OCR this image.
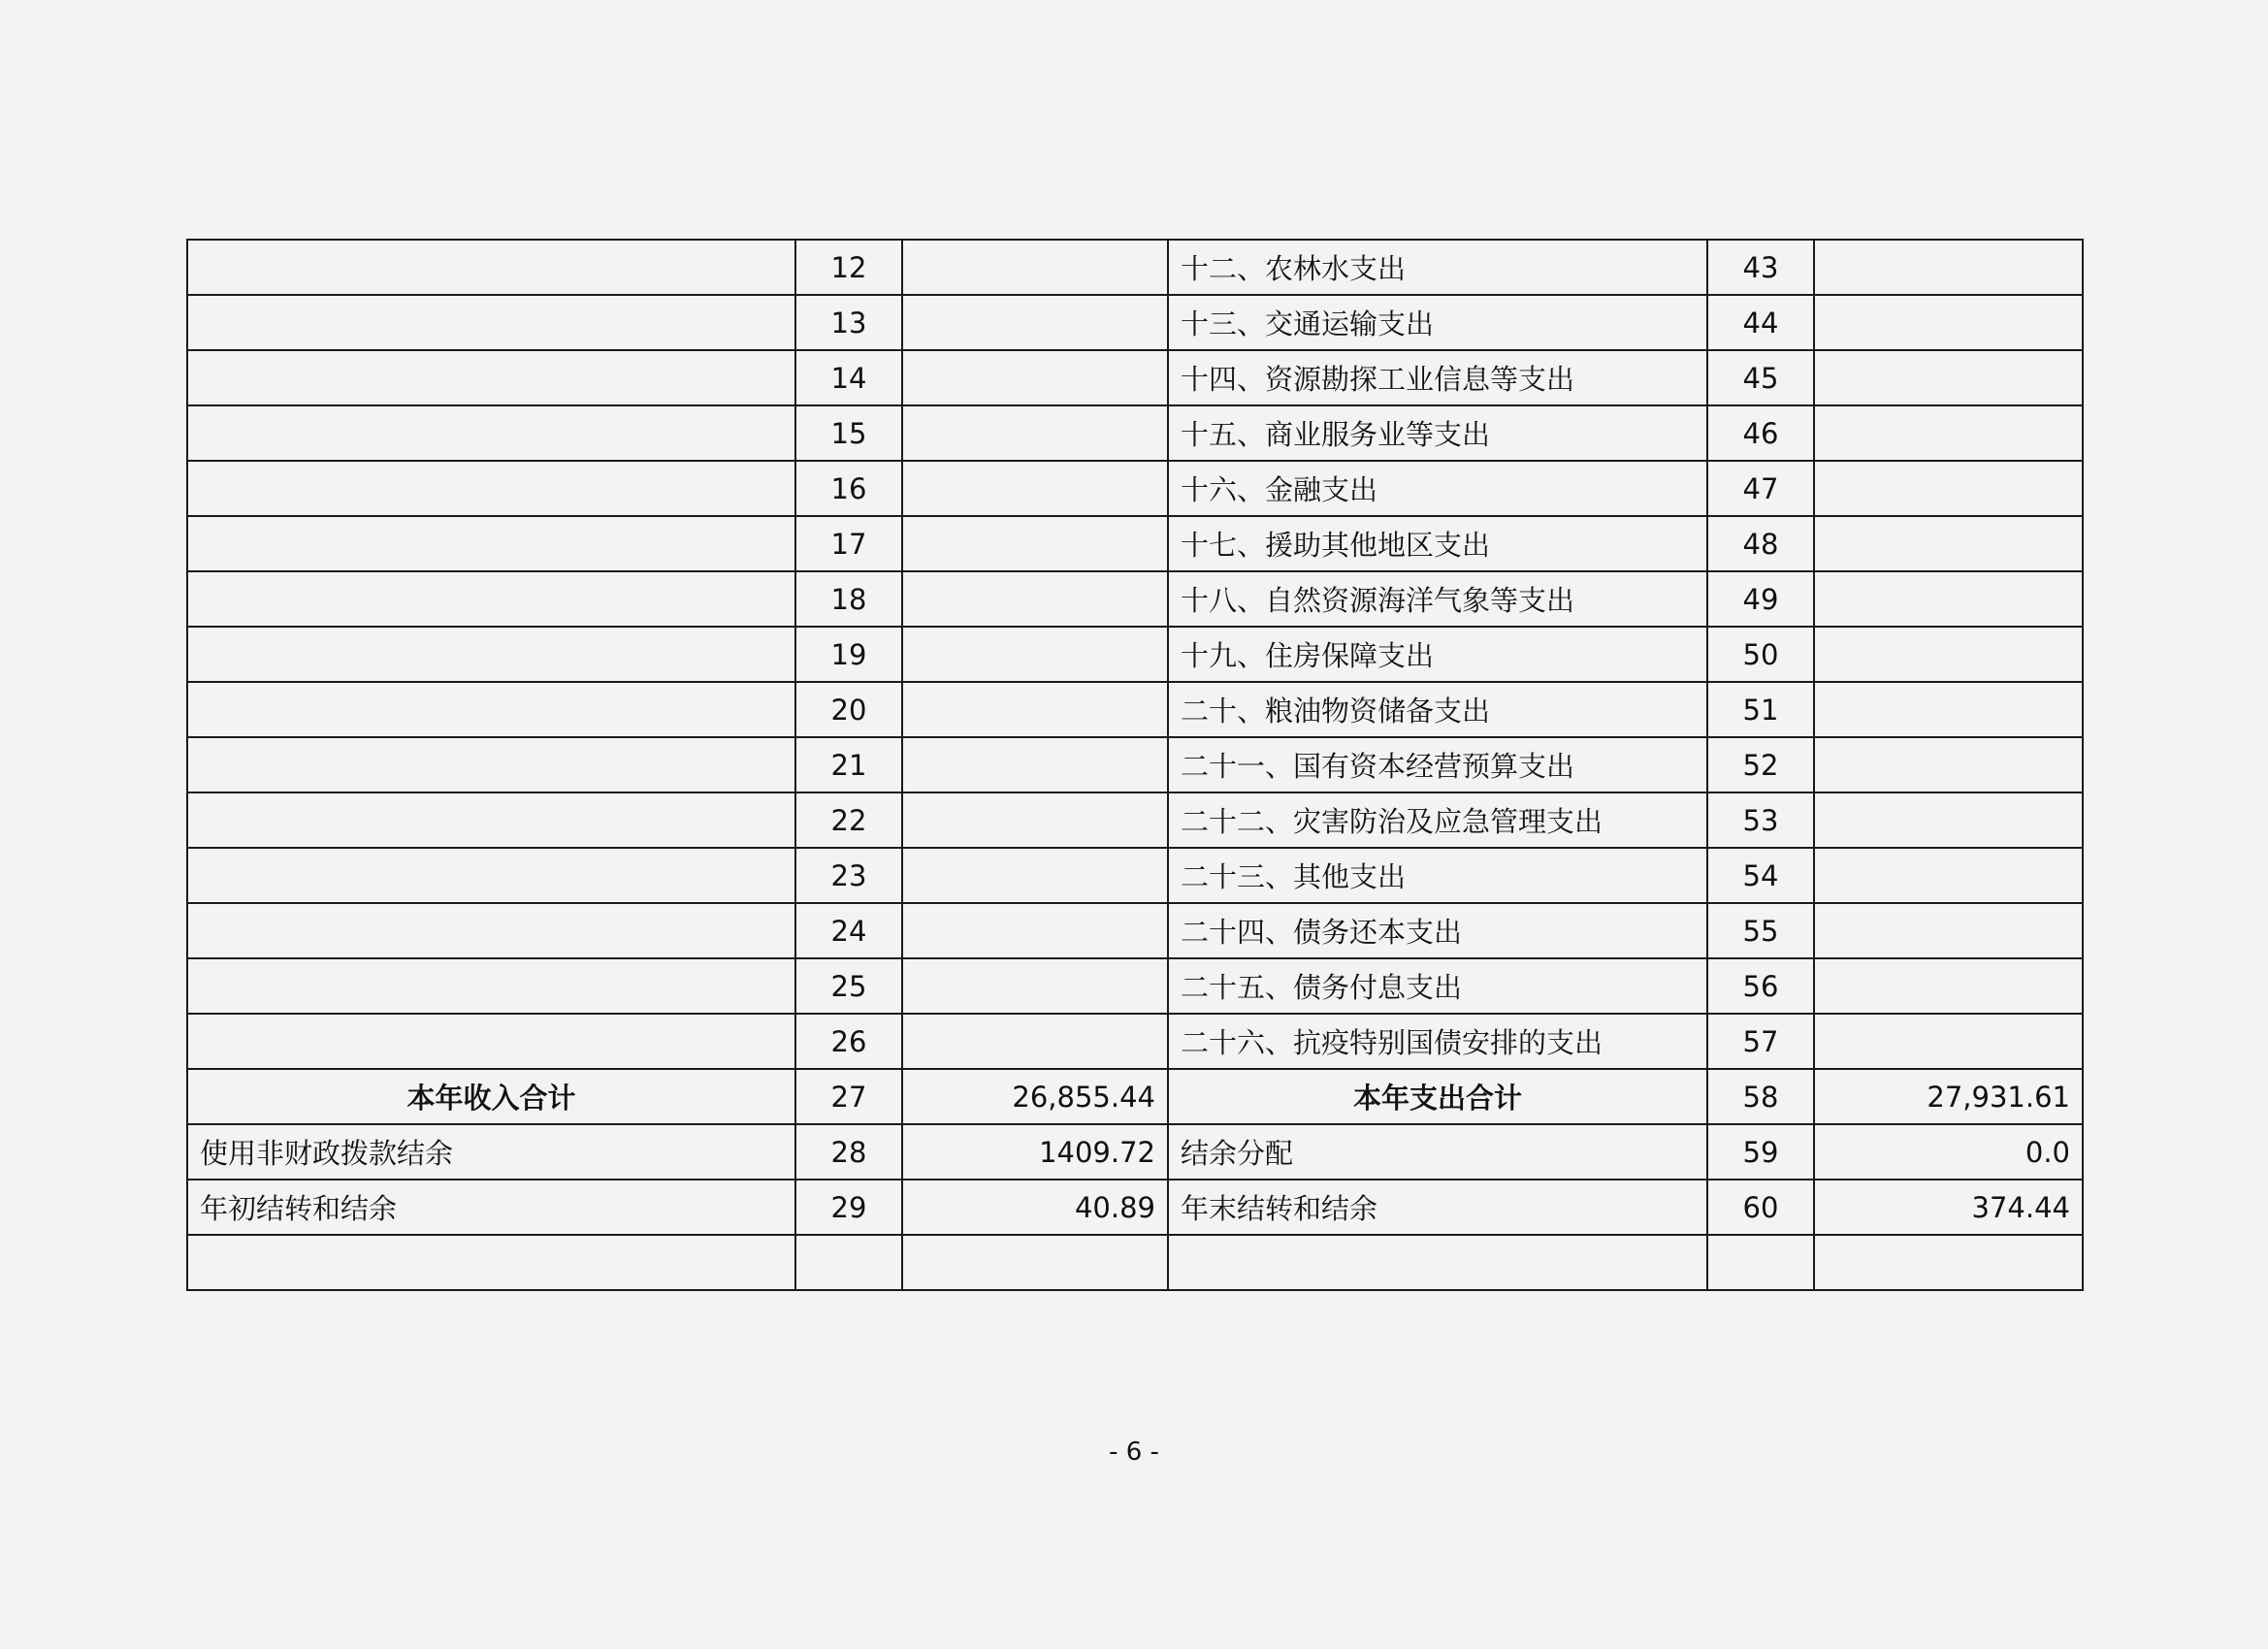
	12		十二、农林水支出	43	
	13		十三、交通运输支出	44	
	14		十四、资源勘探工业信息等支出	45	
	15		十五、商业服务业等支出	46	
	16		十六、金融支出	47	
	17		十七、援助其他地区支出	48	
	18		十八、自然资源海洋气象等支出	49	
	19		十九、住房保障支出	50	
	20		二十、粮油物资储备支出	51	
	21		二十一、国有资本经营预算支出	52	
	22		二十二、灾害防治及应急管理支出	53	
	23		二十三、其他支出	54	
	24		二十四、债务还本支出	55	
	25		二十五、债务付息支出	56	
	26		二十六、抗疫特别国债安排的支出	57	
本年收入合计	27	26,855.44	本年支出合计	58	27,931.61
使用非财政拨款结余	28	1409.72	结余分配	59	0.0
年初结转和结余	29	40.89	年末结转和结余	60	374.44

- 6 -
